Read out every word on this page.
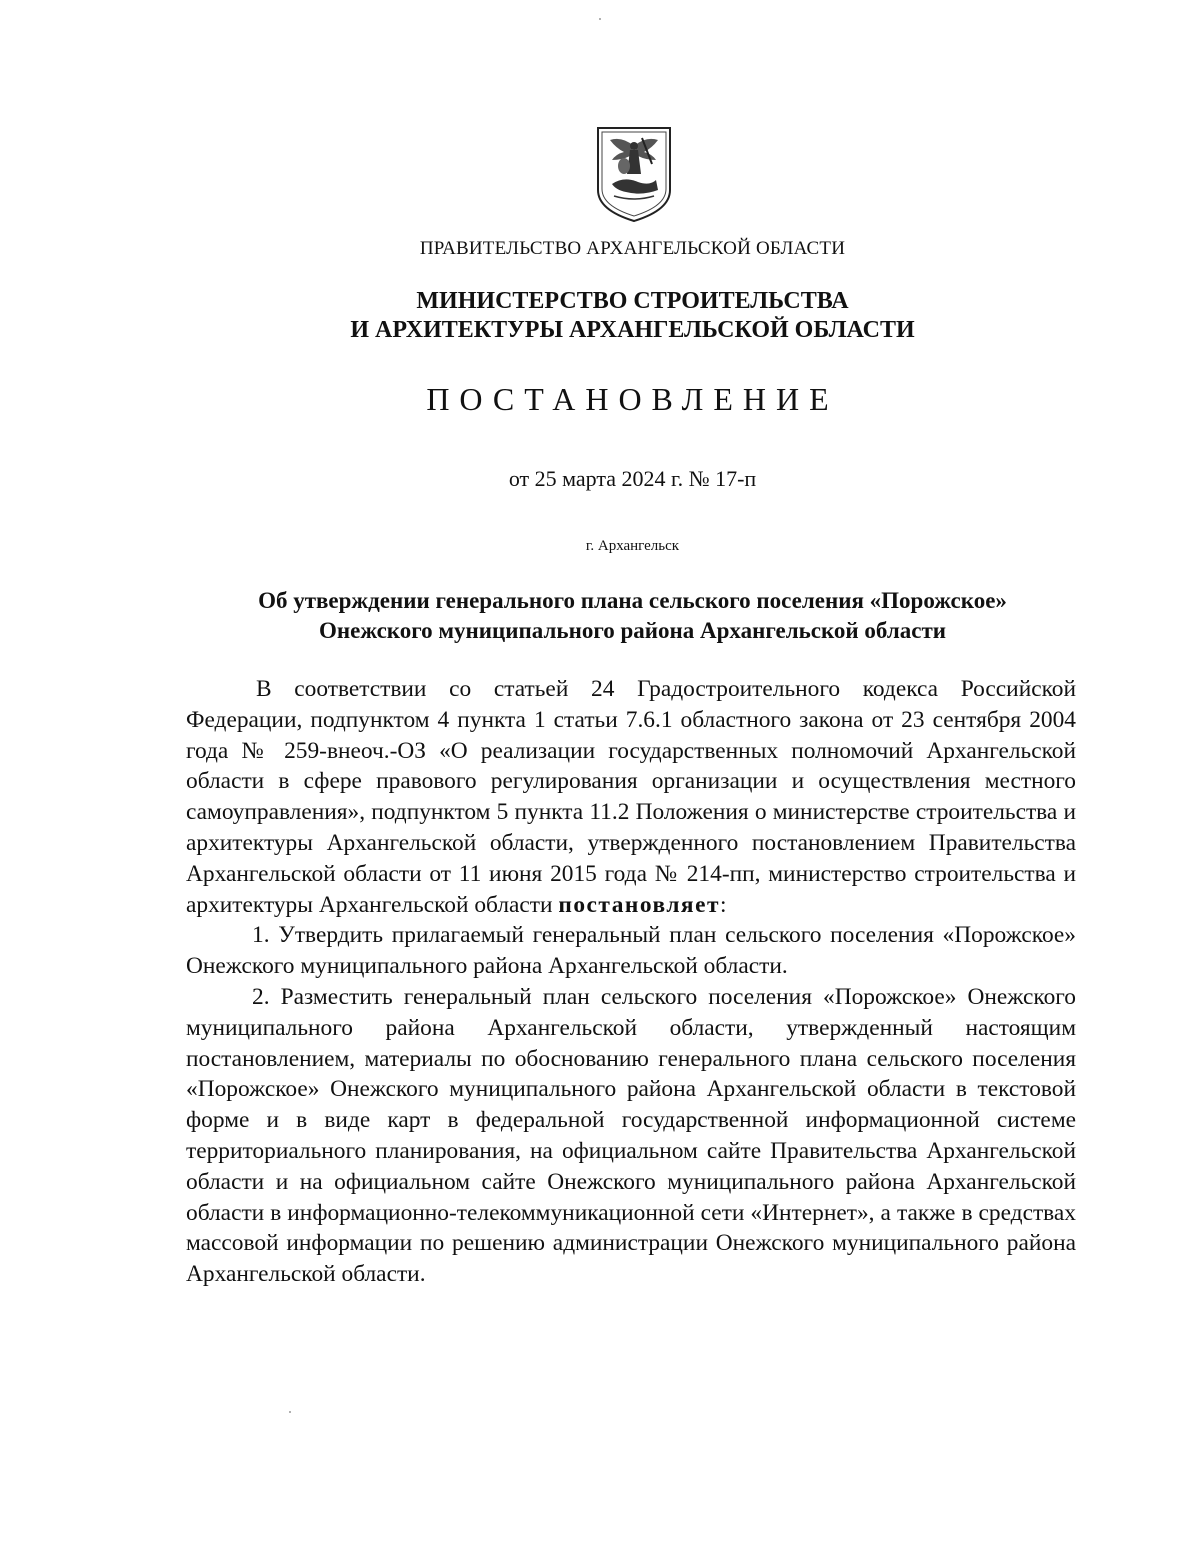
ПРАВИТЕЛЬСТВО АРХАНГЕЛЬСКОЙ ОБЛАСТИ
МИНИСТЕРСТВО СТРОИТЕЛЬСТВА
И АРХИТЕКТУРЫ АРХАНГЕЛЬСКОЙ ОБЛАСТИ
ПОСТАНОВЛЕНИЕ
от 25 марта 2024 г. № 17-п
г. Архангельск
Об утверждении генерального плана сельского поселения «Порожское»
Онежского муниципального района Архангельской области

В соответствии со статьей 24 Градостроительного кодекса Российской Федерации, подпунктом 4 пункта 1 статьи 7.6.1 областного закона от 23 сентября 2004 года № 259-внеоч.-ОЗ «О реализации государственных полномочий Архангельской области в сфере правового регулирования организации и осуществления местного самоуправления», подпунктом 5 пункта 11.2 Положения о министерстве строительства и архитектуры Архангельской области, утвержденного постановлением Правительства Архангельской области от 11 июня 2015 года № 214-пп, министерство строительства и архитектуры Архангельской области постановляет:

1. Утвердить прилагаемый генеральный план сельского поселения «Порожское» Онежского муниципального района Архангельской области.

2. Разместить генеральный план сельского поселения «Порожское» Онежского муниципального района Архангельской области, утвержденный настоящим постановлением, материалы по обоснованию генерального плана сельского поселения «Порожское» Онежского муниципального района Архангельской области в текстовой форме и в виде карт в федеральной государственной информационной системе территориального планирования, на официальном сайте Правительства Архангельской области и на официальном сайте Онежского муниципального района Архангельской области в информационно-телекоммуникационной сети «Интернет», а также в средствах массовой информации по решению администрации Онежского муниципального района Архангельской области.
